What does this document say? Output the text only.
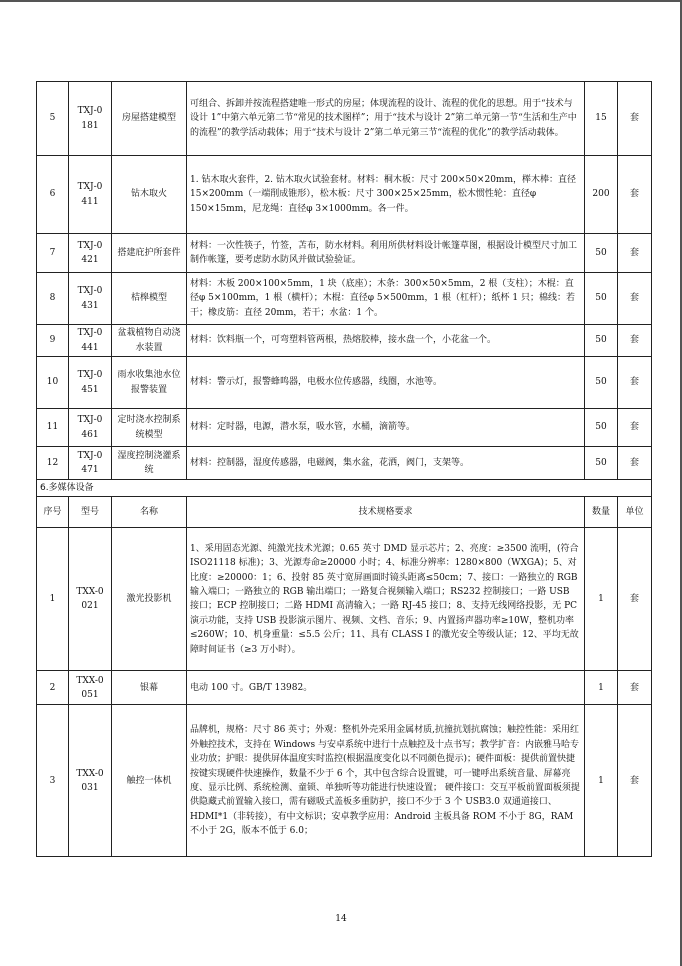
5	TXJ-0 181	房屋搭建模型	可组合、拆卸并按流程搭建唯一形式的房屋；体现流程的设计、流程的优化的思想。用于“技术与设计 1”中第六单元第二节“常见的技术图样”；用于“技术与设计 2”第二单元第一节“生活和生产中的流程”的教学活动载体；用于“技术与设计 2”第二单元第三节“流程的优化”的教学活动载体。	15	套
6	TXJ-0 411	钻木取火	1. 钻木取火套件，2. 钻木取火试验套材。材料：桐木板：尺寸 200×50×20mm，榉木棒：直径 15×200mm（一端削成锥形），松木板：尺寸 300×25×25mm，松木惯性轮：直径φ 150×15mm，尼龙绳：直径φ 3×1000mm。各一件。	200	套
7	TXJ-0 421	搭建庇护所套件	材料：一次性筷子，竹签，苫布，防水材料。利用所供材料设计帐篷草图，根据设计模型尺寸加工制作帐篷，要考虑防水防风并做试验验证。	50	套
8	TXJ-0 431	桔槔模型	材料：木板 200×100×5mm，1 块（底座）；木条：300×50×5mm，2 根（支柱）；木棍：直径φ 5×100mm，1 根（横杆）；木棍：直径φ 5×500mm，1 根（杠杆）；纸杯 1 只；棉线：若干；橡皮筋：直径 20mm，若干；水盆：1 个。	50	套
9	TXJ-0 441	盆栽植物自动浇水装置	材料：饮料瓶一个，可弯塑料管两根，热熔胶棒，接水盘一个，小花盆一个。	50	套
10	TXJ-0 451	雨水收集池水位报警装置	材料：警示灯，报警蜂鸣器，电极水位传感器，线圈，水池等。	50	套
11	TXJ-0 461	定时浇水控制系统模型	材料：定时器，电源，潜水泵，吸水管，水桶，滴箭等。	50	套
12	TXJ-0 471	湿度控制浇灌系统	材料：控制器，湿度传感器，电磁阀，集水盆，花洒，阀门，支架等。	50	套
6.多媒体设备					
序号	型号	名称	技术规格要求	数量	单位
1	TXX-0 021	激光投影机	1、采用固态光源、纯激光技术光源；0.65 英寸 DMD 显示芯片；2、亮度：≥3500 流明，(符合 ISO21118 标准)；3、光源寿命≥20000 小时；4、标准分辨率：1280×800（WXGA)；5、对比度：≥20000：1；6、投射 85 英寸宽屏画面时镜头距离≤50cm；7、接口：一路独立的 RGB 输入端口；一路独立的 RGB 输出端口；一路复合视频输入端口；RS232 控制接口；一路 USB 接口；ECP 控制接口；二路 HDMI 高清输入；一路 RJ-45 接口；8、支持无线网络投影，无 PC 演示功能，支持 USB 投影演示图片、视频、文档、音乐；9、内置扬声器功率≥10W，整机功率≤260W；10、机身重量：≤5.5 公斤；11、具有 CLASS I 的激光安全等级认证；12、平均无故障时间证书（≥3 万小时）。	1	套
2	TXX-0 051	银幕	电动 100 寸。GB/T 13982。	1	套
3	TXX-0 031	触控一体机	品牌机，规格：尺寸 86 英寸；外观：整机外壳采用金属材质,抗撞抗划抗腐蚀；触控性能：采用红外触控技术，支持在 Windows 与安卓系统中进行十点触控及十点书写；教学扩音：内嵌雅马哈专业功放；护眼：提供屏体温度实时监控(根据温度变化以不同颜色提示)；硬件面板：提供前置快捷按键实现硬件快速操作，数量不少于 6 个，其中包含综合设置键，可一键呼出系统音量、屏幕亮度、显示比例、系统检测、童锁、单独听等功能进行快速设置； 硬件接口：交互平板前置面板须提供隐藏式前置输入接口，需有磁吸式盖板多重防护，接口不少于 3 个 USB3.0 双通道接口、HDMI*1（非转接），有中文标识；安卓教学应用：Android 主板具备 ROM 不小于 8G，RAM 不小于 2G，版本不低于 6.0；	1	套
14
